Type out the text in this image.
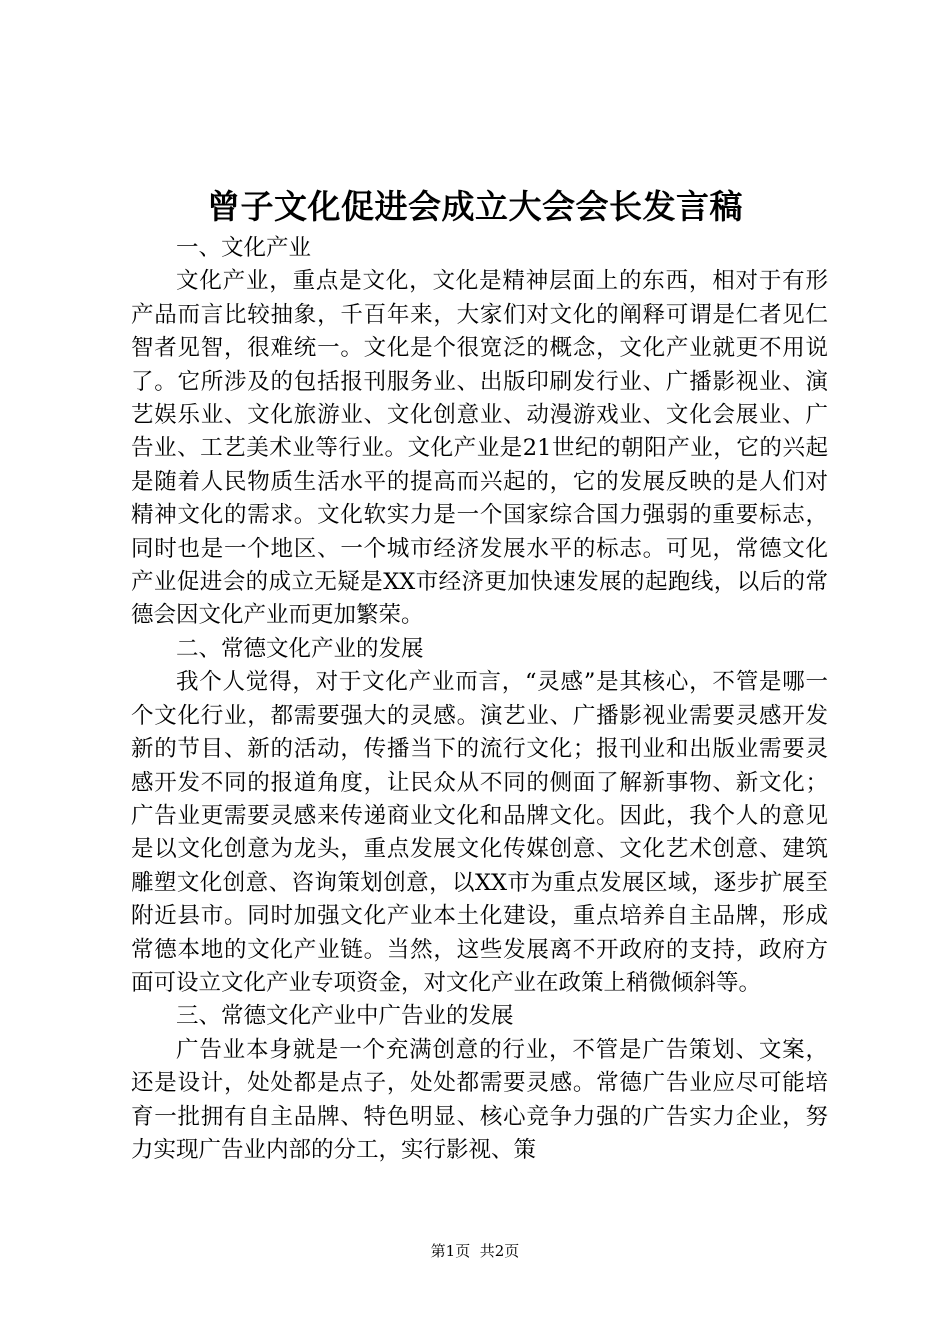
曾子文化促进会成立大会会长发言稿

一、文化产业

文化产业，重点是文化，文化是精神层面上的东西，相对于有形产品而言比较抽象，千百年来，大家们对文化的阐释可谓是仁者见仁智者见智，很难统一。文化是个很宽泛的概念，文化产业就更不用说了。它所涉及的包括报刊服务业、出版印刷发行业、广播影视业、演艺娱乐业、文化旅游业、文化创意业、动漫游戏业、文化会展业、广告业、工艺美术业等行业。文化产业是21世纪的朝阳产业，它的兴起是随着人民物质生活水平的提高而兴起的，它的发展反映的是人们对精神文化的需求。文化软实力是一个国家综合国力强弱的重要标志，同时也是一个地区、一个城市经济发展水平的标志。可见，常德文化产业促进会的成立无疑是XX市经济更加快速发展的起跑线，以后的常德会因文化产业而更加繁荣。

二、常德文化产业的发展

我个人觉得，对于文化产业而言，“灵感”是其核心，不管是哪一个文化行业，都需要强大的灵感。演艺业、广播影视业需要灵感开发新的节目、新的活动，传播当下的流行文化；报刊业和出版业需要灵感开发不同的报道角度，让民众从不同的侧面了解新事物、新文化；广告业更需要灵感来传递商业文化和品牌文化。因此，我个人的意见是以文化创意为龙头，重点发展文化传媒创意、文化艺术创意、建筑雕塑文化创意、咨询策划创意，以XX市为重点发展区域，逐步扩展至附近县市。同时加强文化产业本土化建设，重点培养自主品牌，形成常德本地的文化产业链。当然，这些发展离不开政府的支持，政府方面可设立文化产业专项资金，对文化产业在政策上稍微倾斜等。

三、常德文化产业中广告业的发展

广告业本身就是一个充满创意的行业，不管是广告策划、文案，还是设计，处处都是点子，处处都需要灵感。常德广告业应尽可能培育一批拥有自主品牌、特色明显、核心竞争力强的广告实力企业，努力实现广告业内部的分工，实行影视、策

第1页 共2页
